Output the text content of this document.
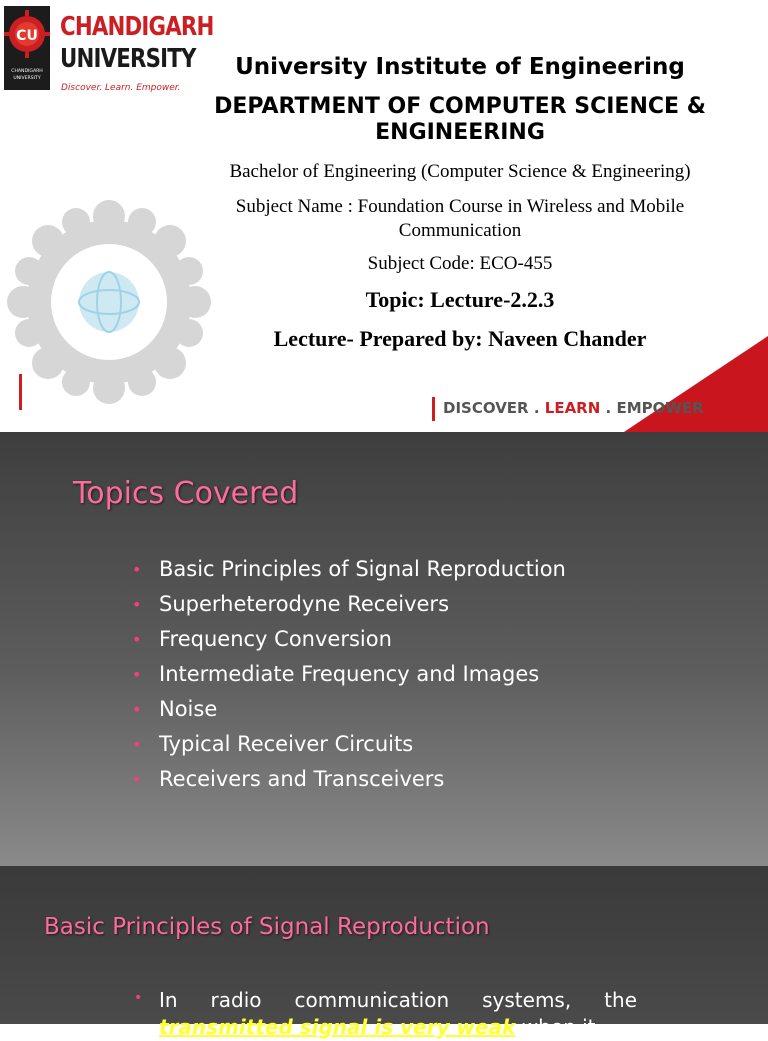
CU
CHANDIGARH
UNIVERSITY
CHANDIGARH
UNIVERSITY
Discover. Learn. Empower.
University Institute of Engineering
DEPARTMENT OF COMPUTER SCIENCE & ENGINEERING
Bachelor of Engineering (Computer Science & Engineering)
Subject Name : Foundation Course in Wireless and Mobile Communication
Subject Code: ECO-455
Topic: Lecture-2.2.3
Lecture- Prepared by: Naveen Chander
DISCOVER . LEARN . EMPOWER
Topics Covered
• Basic Principles of Signal Reproduction
• Superheterodyne Receivers
• Frequency Conversion
• Intermediate Frequency and Images
• Noise
• Typical Receiver Circuits
• Receivers and Transceivers
Basic Principles of Signal Reproduction
• In radio communication systems, the
transmitted signal is very weak when it
